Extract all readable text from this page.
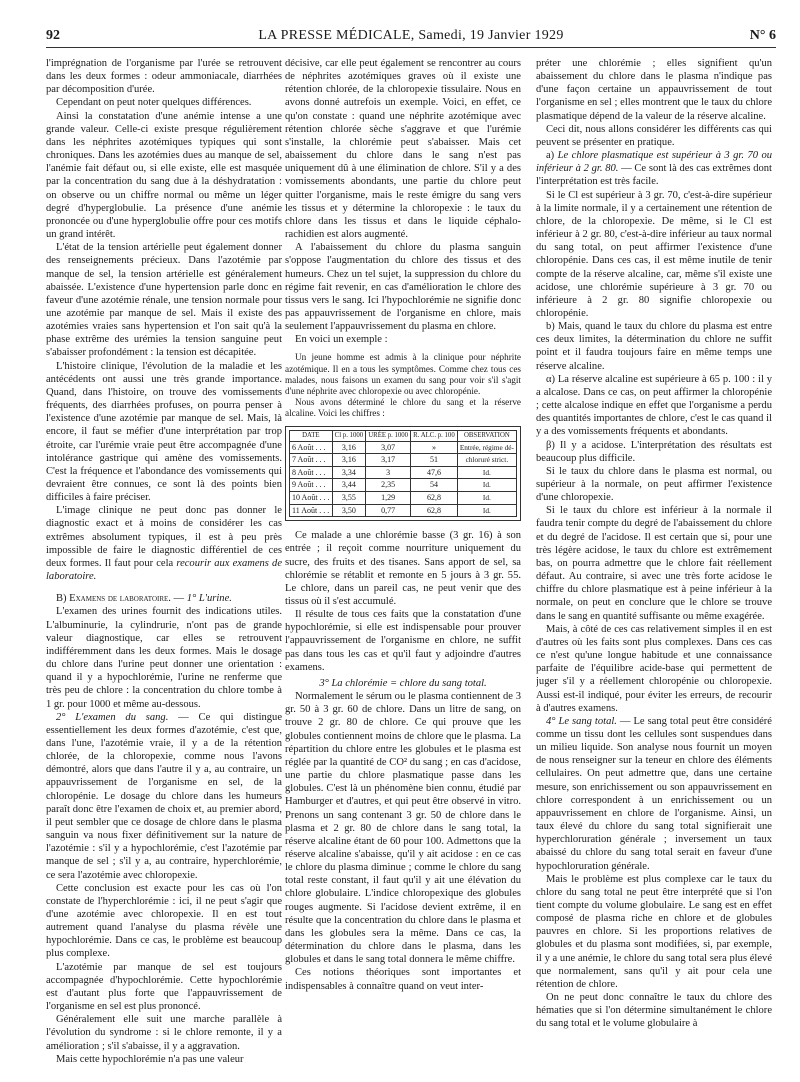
92	LA PRESSE MÉDICALE, Samedi, 19 Janvier 1929	N° 6

l'imprégnation de l'organisme par l'urée se retrouvent dans les deux formes : odeur ammoniacale, diarrhées par décomposition d'urée.

Cependant on peut noter quelques différences.

Ainsi la constatation d'une anémie intense a une grande valeur. Celle-ci existe presque régulièrement dans les néphrites azotémiques typiques qui sont chroniques. Dans les azotémies dues au manque de sel, l'anémie fait défaut ou, si elle existe, elle est masquée par la concentration du sang due à la déshydratation : on observe ou un chiffre normal ou même un léger degré d'hyperglobulie. La présence d'une anémie prononcée ou d'une hyperglobulie offre pour ces motifs un grand intérêt.

L'état de la tension artérielle peut également donner des renseignements précieux. Dans l'azotémie par manque de sel, la tension artérielle est généralement abaissée. L'existence d'une hypertension parle donc en faveur d'une azotémie rénale, une tension normale pour une azotémie par manque de sel. Mais il existe des azotémies vraies sans hypertension et l'on sait qu'à la phase extrême des urémies la tension sanguine peut s'abaisser profondément : la tension est décapitée.

L'histoire clinique, l'évolution de la maladie et les antécédents ont aussi une très grande importance. Quand, dans l'histoire, on trouve des vomissements fréquents, des diarrhées profuses, on pourra penser à l'existence d'une azotémie par manque de sel. Mais, là encore, il faut se méfier d'une interprétation par trop étroite, car l'urémie vraie peut être accompagnée d'une intolérance gastrique qui amène des vomissements. C'est la fréquence et l'abondance des vomissements qui devraient être connues, ce sont là des points bien difficiles à faire préciser.

L'image clinique ne peut donc pas donner le diagnostic exact et à moins de considérer les cas extrêmes absolument typiques, il est à peu près impossible de faire le diagnostic différentiel de ces deux formes. Il faut pour cela recourir aux examens de laboratoire.

B) Examens de laboratoire. — 1° L'urine.

L'examen des urines fournit des indications utiles. L'albuminurie, la cylindrurie, n'ont pas de grande valeur diagnostique, car elles se retrouvent indifféremment dans les deux formes. Mais le dosage du chlore dans l'urine peut donner une orientation : quand il y a hypochlorémie, l'urine ne renferme que très peu de chlore : la concentration du chlore tombe à 1 gr. pour 1000 et même au-dessous.

2° L'examen du sang. — Ce qui distingue essentiellement les deux formes d'azotémie, c'est que, dans l'une, l'azotémie vraie, il y a de la rétention chlorée, de la chloropexie, comme nous l'avons démontré, alors que dans l'autre il y a, au contraire, un appauvrissement de l'organisme en sel, de la chloropénie. Le dosage du chlore dans les humeurs paraît donc être l'examen de choix et, au premier abord, il peut sembler que ce dosage de chlore dans le plasma sanguin va nous fixer définitivement sur la nature de l'azotémie : s'il y a hypochlorémie, c'est l'azotémie par manque de sel ; s'il y a, au contraire, hyperchlorémie, ce sera l'azotémie avec chloropexie.

Cette conclusion est exacte pour les cas où l'on constate de l'hyperchlorémie : ici, il ne peut s'agir que d'une azotémie avec chloropexie. Il en est tout autrement quand l'analyse du plasma révèle une hypochlorémie. Dans ce cas, le problème est beaucoup plus complexe.

L'azotémie par manque de sel est toujours accompagnée d'hypochlorémie. Cette hypochlorémie est d'autant plus forte que l'appauvrissement de l'organisme en sel est plus prononcé.

Généralement elle suit une marche parallèle à l'évolution du syndrome : si le chlore remonte, il y a amélioration ; s'il s'abaisse, il y a aggravation.

Mais cette hypochlorémie n'a pas une valeur

décisive, car elle peut également se rencontrer au cours de néphrites azotémiques graves où il existe une rétention chlorée, de la chloropexie tissulaire. Nous en avons donné autrefois un exemple. Voici, en effet, ce qu'on constate : quand une néphrite azotémique avec rétention chlorée sèche s'aggrave et que l'urémie s'installe, la chlorémie peut s'abaisser. Mais cet abaissement du chlore dans le sang n'est pas uniquement dû à une élimination de chlore. S'il y a des vomissements abondants, une partie du chlore peut quitter l'organisme, mais le reste émigre du sang vers les tissus et y détermine la chloropexie : le taux du chlore dans les tissus et dans le liquide céphalo-rachidien est alors augmenté.

A l'abaissement du chlore du plasma sanguin s'oppose l'augmentation du chlore des tissus et des humeurs. Chez un tel sujet, la suppression du chlore du régime fait revenir, en cas d'amélioration le chlore des tissus vers le sang. Ici l'hypochlorémie ne signifie donc pas appauvrissement de l'organisme en chlore, mais seulement l'appauvrissement du plasma en chlore.

En voici un exemple :

Un jeune homme est admis à la clinique pour néphrite azotémique. Il en a tous les symptômes. Comme chez tous ces malades, nous faisons un examen du sang pour voir s'il s'agit d'une néphrite avec chloropexie ou avec chloropénie.

Nous avons déterminé le chlore du sang et la réserve alcaline. Voici les chiffres :

DATE	Cl p. 1000	URÉE p. 1000	R. ALC. p. 100	OBSERVATION
6 Août . . .	3,16	3,07	»	Entrée, régime dé-
7 Août . . .	3,16	3,17	51	chloruré strict.
8 Août . . .	3,34	3	47,6	Id.
9 Août . . .	3,44	2,35	54	Id.
10 Août . . .	3,55	1,29	62,8	Id.
11 Août . . .	3,50	0,77	62,8	Id.

Ce malade a une chlorémie basse (3 gr. 16) à son entrée ; il reçoit comme nourriture uniquement du sucre, des fruits et des tisanes. Sans apport de sel, sa chlorémie se rétablit et remonte en 5 jours à 3 gr. 55. Le chlore, dans un pareil cas, ne peut venir que des tissus où il s'est accumulé.

Il résulte de tous ces faits que la constatation d'une hypochlorémie, si elle est indispensable pour prouver l'appauvrissement de l'organisme en chlore, ne suffit pas dans tous les cas et qu'il faut y adjoindre d'autres examens.

3° La chlorémie = chlore du sang total.

Normalement le sérum ou le plasma contiennent de 3 gr. 50 à 3 gr. 60 de chlore. Dans un litre de sang, on trouve 2 gr. 80 de chlore. Ce qui prouve que les globules contiennent moins de chlore que le plasma. La répartition du chlore entre les globules et le plasma est réglée par la quantité de CO² du sang ; en cas d'acidose, une partie du chlore plasmatique passe dans les globules. C'est là un phénomène bien connu, étudié par Hamburger et d'autres, et qui peut être observé in vitro. Prenons un sang contenant 3 gr. 50 de chlore dans le plasma et 2 gr. 80 de chlore dans le sang total, la réserve alcaline étant de 60 pour 100. Admettons que la réserve alcaline s'abaisse, qu'il y ait acidose : en ce cas le chlore du plasma diminue ; comme le chlore du sang total reste constant, il faut qu'il y ait une élévation du chlore globulaire. L'indice chloropexique des globules rouges augmente. Si l'acidose devient extrême, il en résulte que la concentration du chlore dans le plasma et dans les globules sera la même. Dans ce cas, la détermination du chlore dans le plasma, dans les globules et dans le sang total donnera le même chiffre.

Ces notions théoriques sont importantes et indispensables à connaître quand on veut inter-

préter une chlorémie ; elles signifient qu'un abaissement du chlore dans le plasma n'indique pas d'une façon certaine un appauvrissement de tout l'organisme en sel ; elles montrent que le taux du chlore plasmatique dépend de la valeur de la réserve alcaline.

Ceci dit, nous allons considérer les différents cas qui peuvent se présenter en pratique.

a) Le chlore plasmatique est supérieur à 3 gr. 70 ou inférieur à 2 gr. 80. — Ce sont là des cas extrêmes dont l'interprétation est très facile.

Si le Cl est supérieur à 3 gr. 70, c'est-à-dire supérieur à la limite normale, il y a certainement une rétention de chlore, de la chloropexie. De même, si le Cl est inférieur à 2 gr. 80, c'est-à-dire inférieur au taux normal du sang total, on peut affirmer l'existence d'une chloropénie. Dans ces cas, il est même inutile de tenir compte de la réserve alcaline, car, même s'il existe une acidose, une chlorémie supérieure à 3 gr. 70 ou inférieure à 2 gr. 80 signifie chloropexie ou chloropénie.

b) Mais, quand le taux du chlore du plasma est entre ces deux limites, la détermination du chlore ne suffit point et il faudra toujours faire en même temps une réserve alcaline.

α) La réserve alcaline est supérieure à 65 p. 100 : il y a alcalose. Dans ce cas, on peut affirmer la chloropénie ; cette alcalose indique en effet que l'organisme a perdu des quantités importantes de chlore, c'est le cas quand il y a des vomissements fréquents et abondants.

β) Il y a acidose. L'interprétation des résultats est beaucoup plus difficile.

Si le taux du chlore dans le plasma est normal, ou supérieur à la normale, on peut affirmer l'existence d'une chloropexie.

Si le taux du chlore est inférieur à la normale il faudra tenir compte du degré de l'abaissement du chlore et du degré de l'acidose. Il est certain que si, pour une très légère acidose, le taux du chlore est extrêmement bas, on pourra admettre que le chlore fait réellement défaut. Au contraire, si avec une très forte acidose le chiffre du chlore plasmatique est à peine inférieur à la normale, on peut en conclure que le chlore se trouve dans le sang en quantité suffisante ou même exagérée.

Mais, à côté de ces cas relativement simples il en est d'autres où les faits sont plus complexes. Dans ces cas ce n'est qu'une longue habitude et une connaissance parfaite de l'équilibre acide-base qui permettent de juger s'il y a réellement chloropénie ou chloropexie. Aussi est-il indiqué, pour éviter les erreurs, de recourir à d'autres examens.

4° Le sang total. — Le sang total peut être considéré comme un tissu dont les cellules sont suspendues dans un milieu liquide. Son analyse nous fournit un moyen de nous renseigner sur la teneur en chlore des éléments cellulaires. On peut admettre que, dans une certaine mesure, son enrichissement ou son appauvrissement en chlore correspondent à un enrichissement ou un appauvrissement en chlore de l'organisme. Ainsi, un taux élevé du chlore du sang total signifierait une hyperchloruration générale ; inversement un taux abaissé du chlore du sang total serait en faveur d'une hypochloruration générale.

Mais le problème est plus complexe car le taux du chlore du sang total ne peut être interprété que si l'on tient compte du volume globulaire. Le sang est en effet composé de plasma riche en chlore et de globules pauvres en chlore. Si les proportions relatives de globules et du plasma sont modifiées, si, par exemple, il y a une anémie, le chlore du sang total sera plus élevé que normalement, sans qu'il y ait pour cela une rétention de chlore.

On ne peut donc connaître le taux du chlore des hématies que si l'on détermine simultanément le chlore du sang total et le volume globulaire à
